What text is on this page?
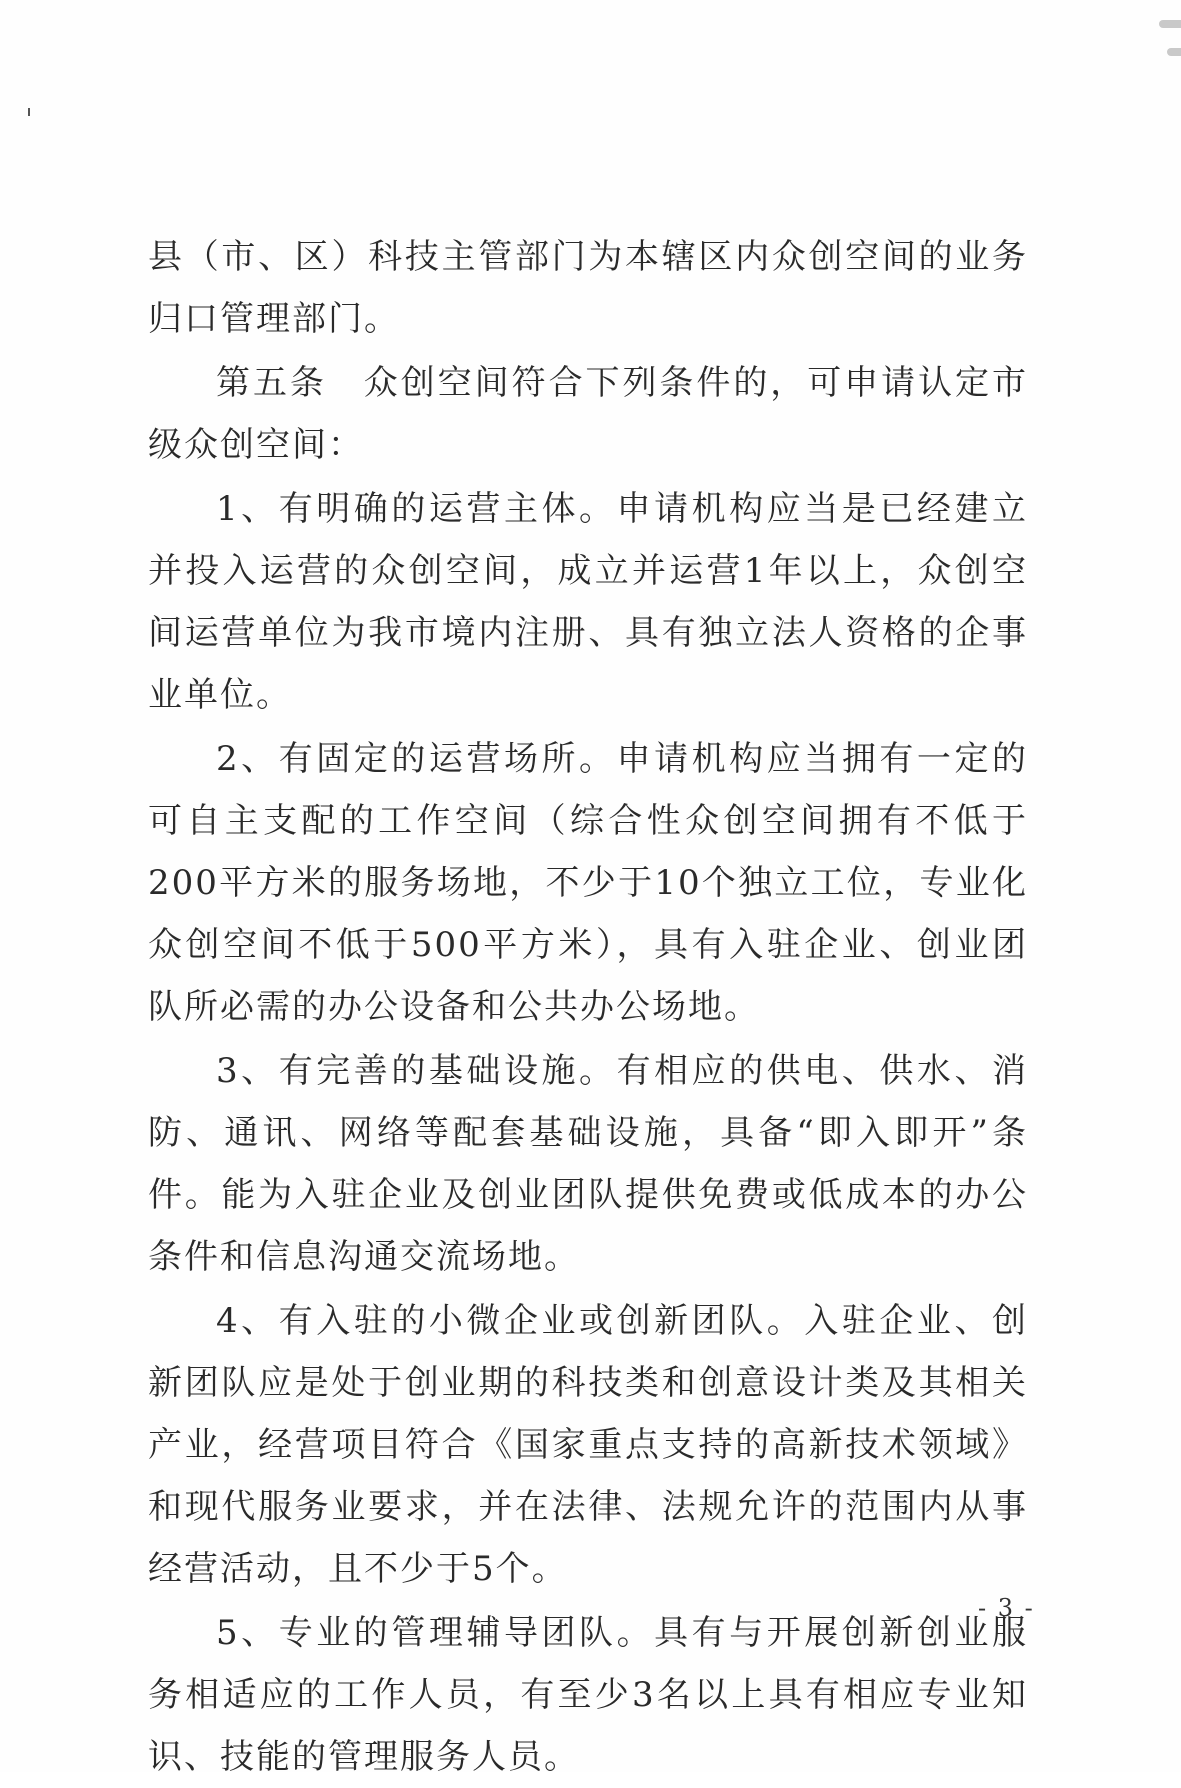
县（市、区）科技主管部门为本辖区内众创空间的业务归口管理部门。

第五条　众创空间符合下列条件的，可申请认定市级众创空间：

1、有明确的运营主体。申请机构应当是已经建立并投入运营的众创空间，成立并运营1年以上，众创空间运营单位为我市境内注册、具有独立法人资格的企事业单位。

2、有固定的运营场所。申请机构应当拥有一定的可自主支配的工作空间（综合性众创空间拥有不低于200平方米的服务场地，不少于10个独立工位，专业化众创空间不低于500平方米），具有入驻企业、创业团队所必需的办公设备和公共办公场地。

3、有完善的基础设施。有相应的供电、供水、消防、通讯、网络等配套基础设施，具备“即入即开”条件。能为入驻企业及创业团队提供免费或低成本的办公条件和信息沟通交流场地。

4、有入驻的小微企业或创新团队。入驻企业、创新团队应是处于创业期的科技类和创意设计类及其相关产业，经营项目符合《国家重点支持的高新技术领域》和现代服务业要求，并在法律、法规允许的范围内从事经营活动，且不少于5个。

5、专业的管理辅导团队。具有与开展创新创业服务相适应的工作人员，有至少3名以上具有相应专业知识、技能的管理服务人员。

- 3 -
